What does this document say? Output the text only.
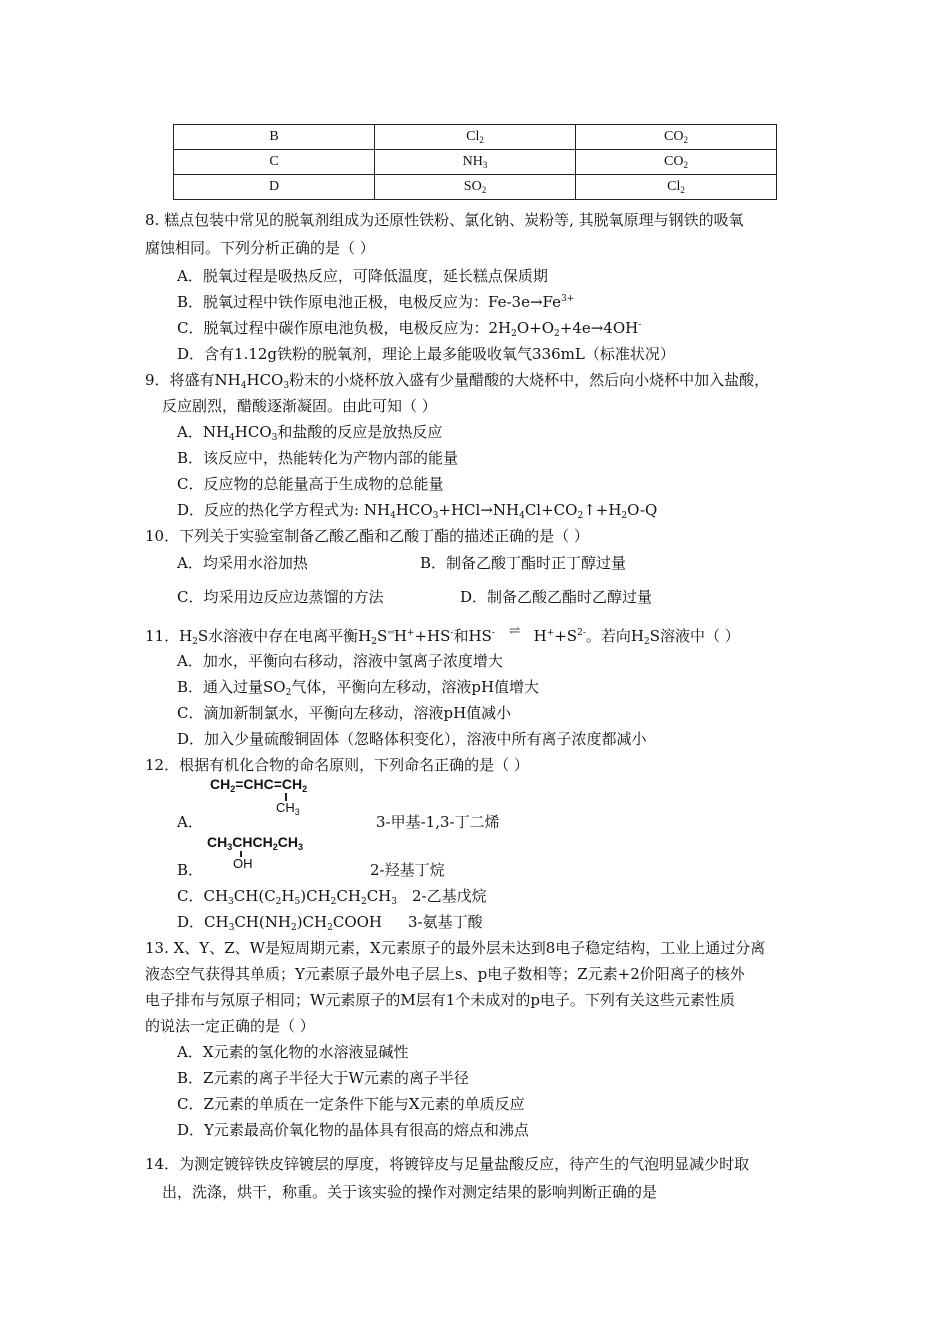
B	$Cl_2$	$CO_2$
C	$NH_3$	$CO_2$
D	$SO_2$	$Cl_2$
8. 糕点包装中常见的脱氧剂组成为还原性铁粉、氯化钠、炭粉等, 其脱氧原理与钢铁的吸氧
腐蚀相同。下列分析正确的是（ ）
A．脱氧过程是吸热反应，可降低温度，延长糕点保质期
B．脱氧过程中铁作原电池正极，电极反应为：$Fe-3e\to Fe^{3+}$
C．脱氧过程中碳作原电池负极，电极反应为：$2H_2O+O_2+4e\to 4OH^-$
D．含有1.12g铁粉的脱氧剂，理论上最多能吸收氧气336mL（标准状况）
9．将盛有$NH_4HCO_3$粉末的小烧杯放入盛有少量醋酸的大烧杯中，然后向小烧杯中加入盐酸，
反应剧烈，醋酸逐渐凝固。由此可知（ ）
A．$NH_4HCO_3$和盐酸的反应是放热反应
B．该反应中，热能转化为产物内部的能量
C．反应物的总能量高于生成物的总能量
D．反应的热化学方程式为: $NH_4HCO_3+HCl\to NH_4Cl+CO_2↑+H_2O-Q$
10．下列关于实验室制备乙酸乙酯和乙酸丁酯的描述正确的是（ ）
A．均采用水浴加热	B．制备乙酸丁酯时正丁醇过量
C．均采用边反应边蒸馏的方法	D．制备乙酸乙酯时乙醇过量
11．$H_2S$水溶液中存在电离平衡$H_2S\rightleftharpoons H^++HS^-$和HS- ⇌ $H^++S^{2-}$。若向$H_2S$溶液中（ ）
A．加水，平衡向右移动，溶液中氢离子浓度增大
B．通入过量$SO_2$气体，平衡向左移动，溶液pH值增大
C．滴加新制氯水，平衡向左移动，溶液pH值减小
D．加入少量硫酸铜固体（忽略体积变化），溶液中所有离子浓度都减小
12．根据有机化合物的命名原则，下列命名正确的是（ ）
$CH_2=CHC=CH_2$
$CH_3$
A．	3-甲基-1,3-丁二烯
$CH_3CHCH_2CH_3$
OH
B．	2-羟基丁烷
C．$CH_3CH(C_2H_5)CH_2CH_2CH_3$ 2-乙基戊烷
D．$CH_3CH(NH_2)CH_2COOH$ 3-氨基丁酸
13. X、Y、Z、W是短周期元素，X元素原子的最外层未达到8电子稳定结构，工业上通过分离
液态空气获得其单质；Y元素原子最外电子层上s、p电子数相等；Z元素+2价阳离子的核外
电子排布与氖原子相同；W元素原子的M层有1个未成对的p电子。下列有关这些元素性质
的说法一定正确的是（ ）
A．X元素的氢化物的水溶液显碱性
B．Z元素的离子半径大于W元素的离子半径
C．Z元素的单质在一定条件下能与X元素的单质反应
D．Y元素最高价氧化物的晶体具有很高的熔点和沸点
14．为测定镀锌铁皮锌镀层的厚度，将镀锌皮与足量盐酸反应，待产生的气泡明显减少时取
出，洗涤，烘干，称重。关于该实验的操作对测定结果的影响判断正确的是
